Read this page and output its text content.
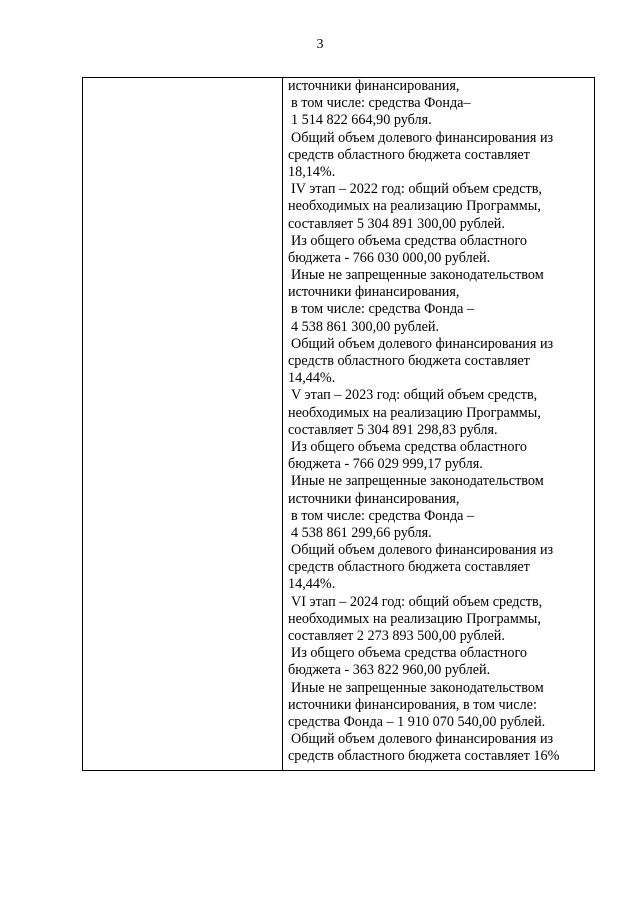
3
источники финансирования,
в том числе: средства Фонда–
1 514 822 664,90 рубля.
Общий объем долевого финансирования из
средств областного бюджета составляет
18,14%.
IV этап – 2022 год: общий объем средств,
необходимых на реализацию Программы,
составляет 5 304 891 300,00 рублей.
Из общего объема средства областного
бюджета - 766 030 000,00 рублей.
Иные не запрещенные законодательством
источники финансирования,
в том числе: средства Фонда –
4 538 861 300,00 рублей.
Общий объем долевого финансирования из
средств областного бюджета составляет
14,44%.
V этап – 2023 год: общий объем средств,
необходимых на реализацию Программы,
составляет 5 304 891 298,83 рубля.
Из общего объема средства областного
бюджета - 766 029 999,17 рубля.
Иные не запрещенные законодательством
источники финансирования,
в том числе: средства Фонда –
4 538 861 299,66 рубля.
Общий объем долевого финансирования из
средств областного бюджета составляет
14,44%.
VI этап – 2024 год: общий объем средств,
необходимых на реализацию Программы,
составляет 2 273 893 500,00 рублей.
Из общего объема средства областного
бюджета - 363 822 960,00 рублей.
Иные не запрещенные законодательством
источники финансирования, в том числе:
средства Фонда – 1 910 070 540,00 рублей.
Общий объем долевого финансирования из
средств областного бюджета составляет 16%
